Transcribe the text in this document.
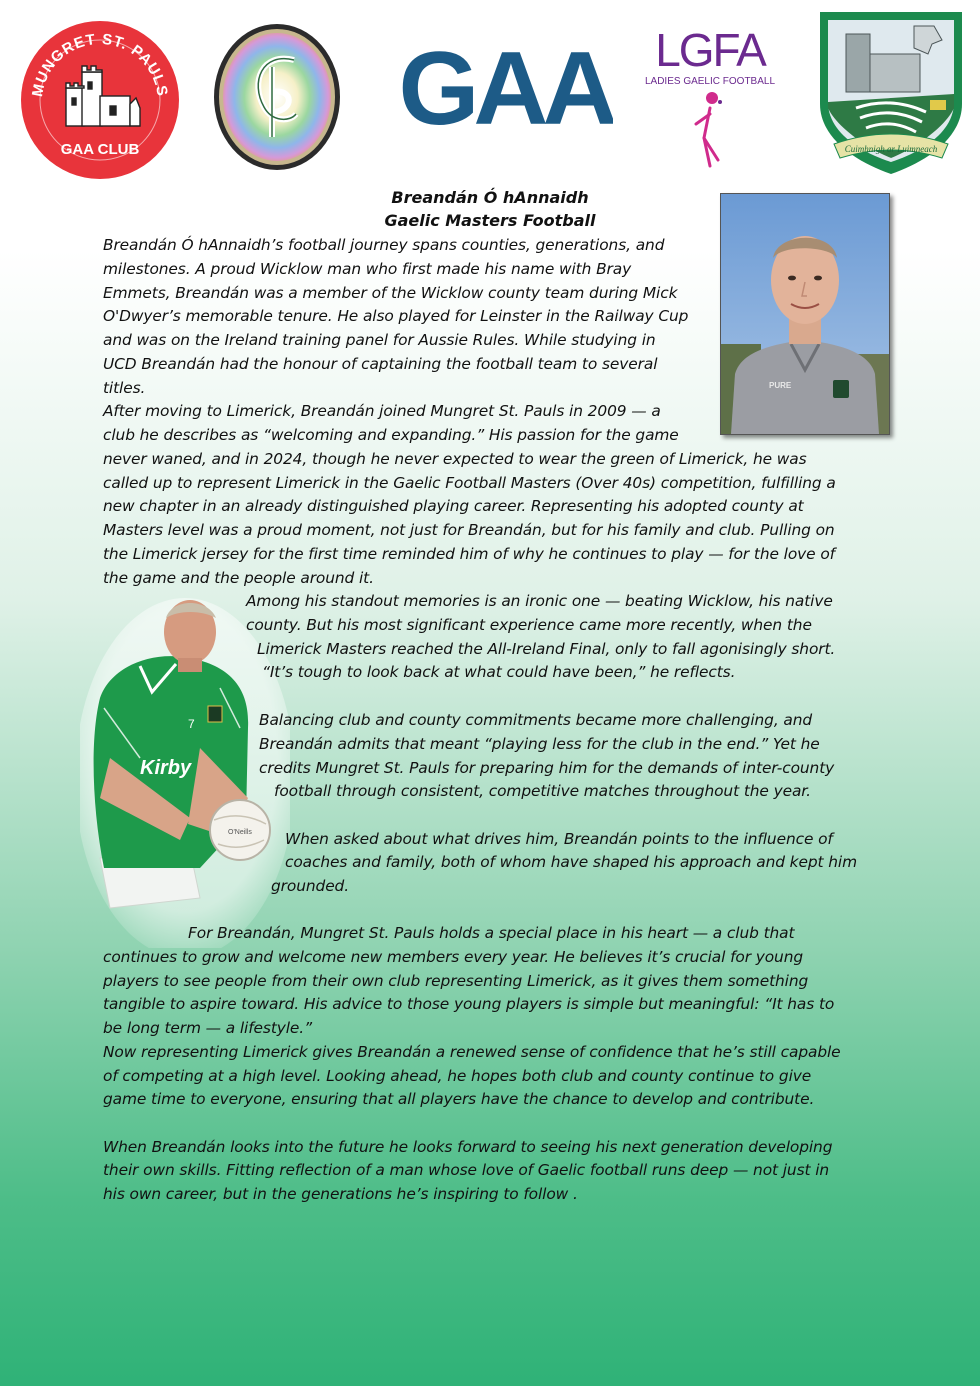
MUNGRET ST. PAULS
GAA CLUB
GAA LGFA
LADIES GAELIC FOOTBALL
Cuimhnigh ar Luimneach
Breandán Ó hAnnaidh
Gaelic Masters Football
PURE
Kirby
7
O'Neills
Breandán Ó hAnnaidh’s football journey spans counties, generations, and
milestones. A proud Wicklow man who first made his name with Bray
Emmets, Breandán was a member of the Wicklow county team during Mick
O'Dwyer’s memorable tenure. He also played for Leinster in the Railway Cup
and was on the Ireland training panel for Aussie Rules. While studying in
UCD Breandán had the honour of captaining the football team to several
titles.
After moving to Limerick, Breandán joined Mungret St. Pauls in 2009 — a
club he describes as “welcoming and expanding.” His passion for the game
never waned, and in 2024, though he never expected to wear the green of Limerick, he was
called up to represent Limerick in the Gaelic Football Masters (Over 40s) competition, fulfilling a
new chapter in an already distinguished playing career. Representing his adopted county at
Masters level was a proud moment, not just for Breandán, but for his family and club. Pulling on
the Limerick jersey for the first time reminded him of why he continues to play — for the love of
the game and the people around it.
Among his standout memories is an ironic one — beating Wicklow, his native
county. But his most significant experience came more recently, when the
Limerick Masters reached the All-Ireland Final, only to fall agonisingly short.
“It’s tough to look back at what could have been,” he reflects.
Balancing club and county commitments became more challenging, and
Breandán admits that meant “playing less for the club in the end.” Yet he
credits Mungret St. Pauls for preparing him for the demands of inter-county
football through consistent, competitive matches throughout the year.
When asked about what drives him, Breandán points to the influence of
coaches and family, both of whom have shaped his approach and kept him
grounded.
For Breandán, Mungret St. Pauls holds a special place in his heart — a club that
continues to grow and welcome new members every year. He believes it’s crucial for young
players to see people from their own club representing Limerick, as it gives them something
tangible to aspire toward. His advice to those young players is simple but meaningful: “It has to
be long term — a lifestyle.”
Now representing Limerick gives Breandán a renewed sense of confidence that he’s still capable
of competing at a high level. Looking ahead, he hopes both club and county continue to give
game time to everyone, ensuring that all players have the chance to develop and contribute.
When Breandán looks into the future he looks forward to seeing his next generation developing
their own skills. Fitting reflection of a man whose love of Gaelic football runs deep — not just in
his own career, but in the generations he’s inspiring to follow .
